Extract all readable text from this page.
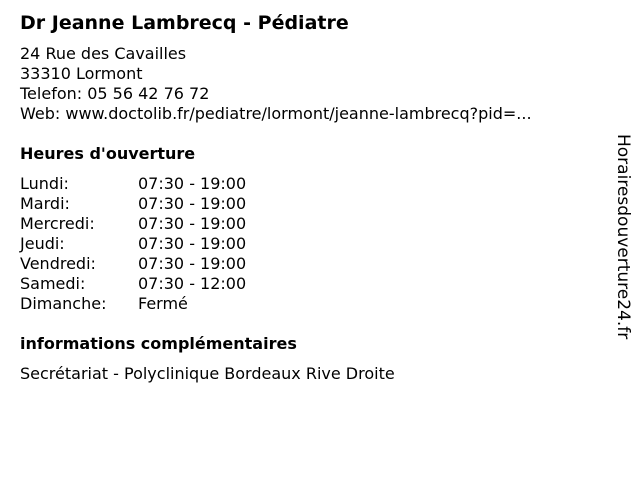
Dr Jeanne Lambrecq - Pédiatre
24 Rue des Cavailles
33310 Lormont
Telefon: 05 56 42 76 72
Web: www.doctolib.fr/pediatre/lormont/jeanne-lambrecq?pid=...
Heures d'ouverture
Lundi:	07:30 - 19:00
Mardi:	07:30 - 19:00
Mercredi:	07:30 - 19:00
Jeudi:	07:30 - 19:00
Vendredi:	07:30 - 19:00
Samedi:	07:30 - 12:00
Dimanche:	Fermé
informations complémentaires
Secrétariat - Polyclinique Bordeaux Rive Droite
Horairesdouverture24.fr
